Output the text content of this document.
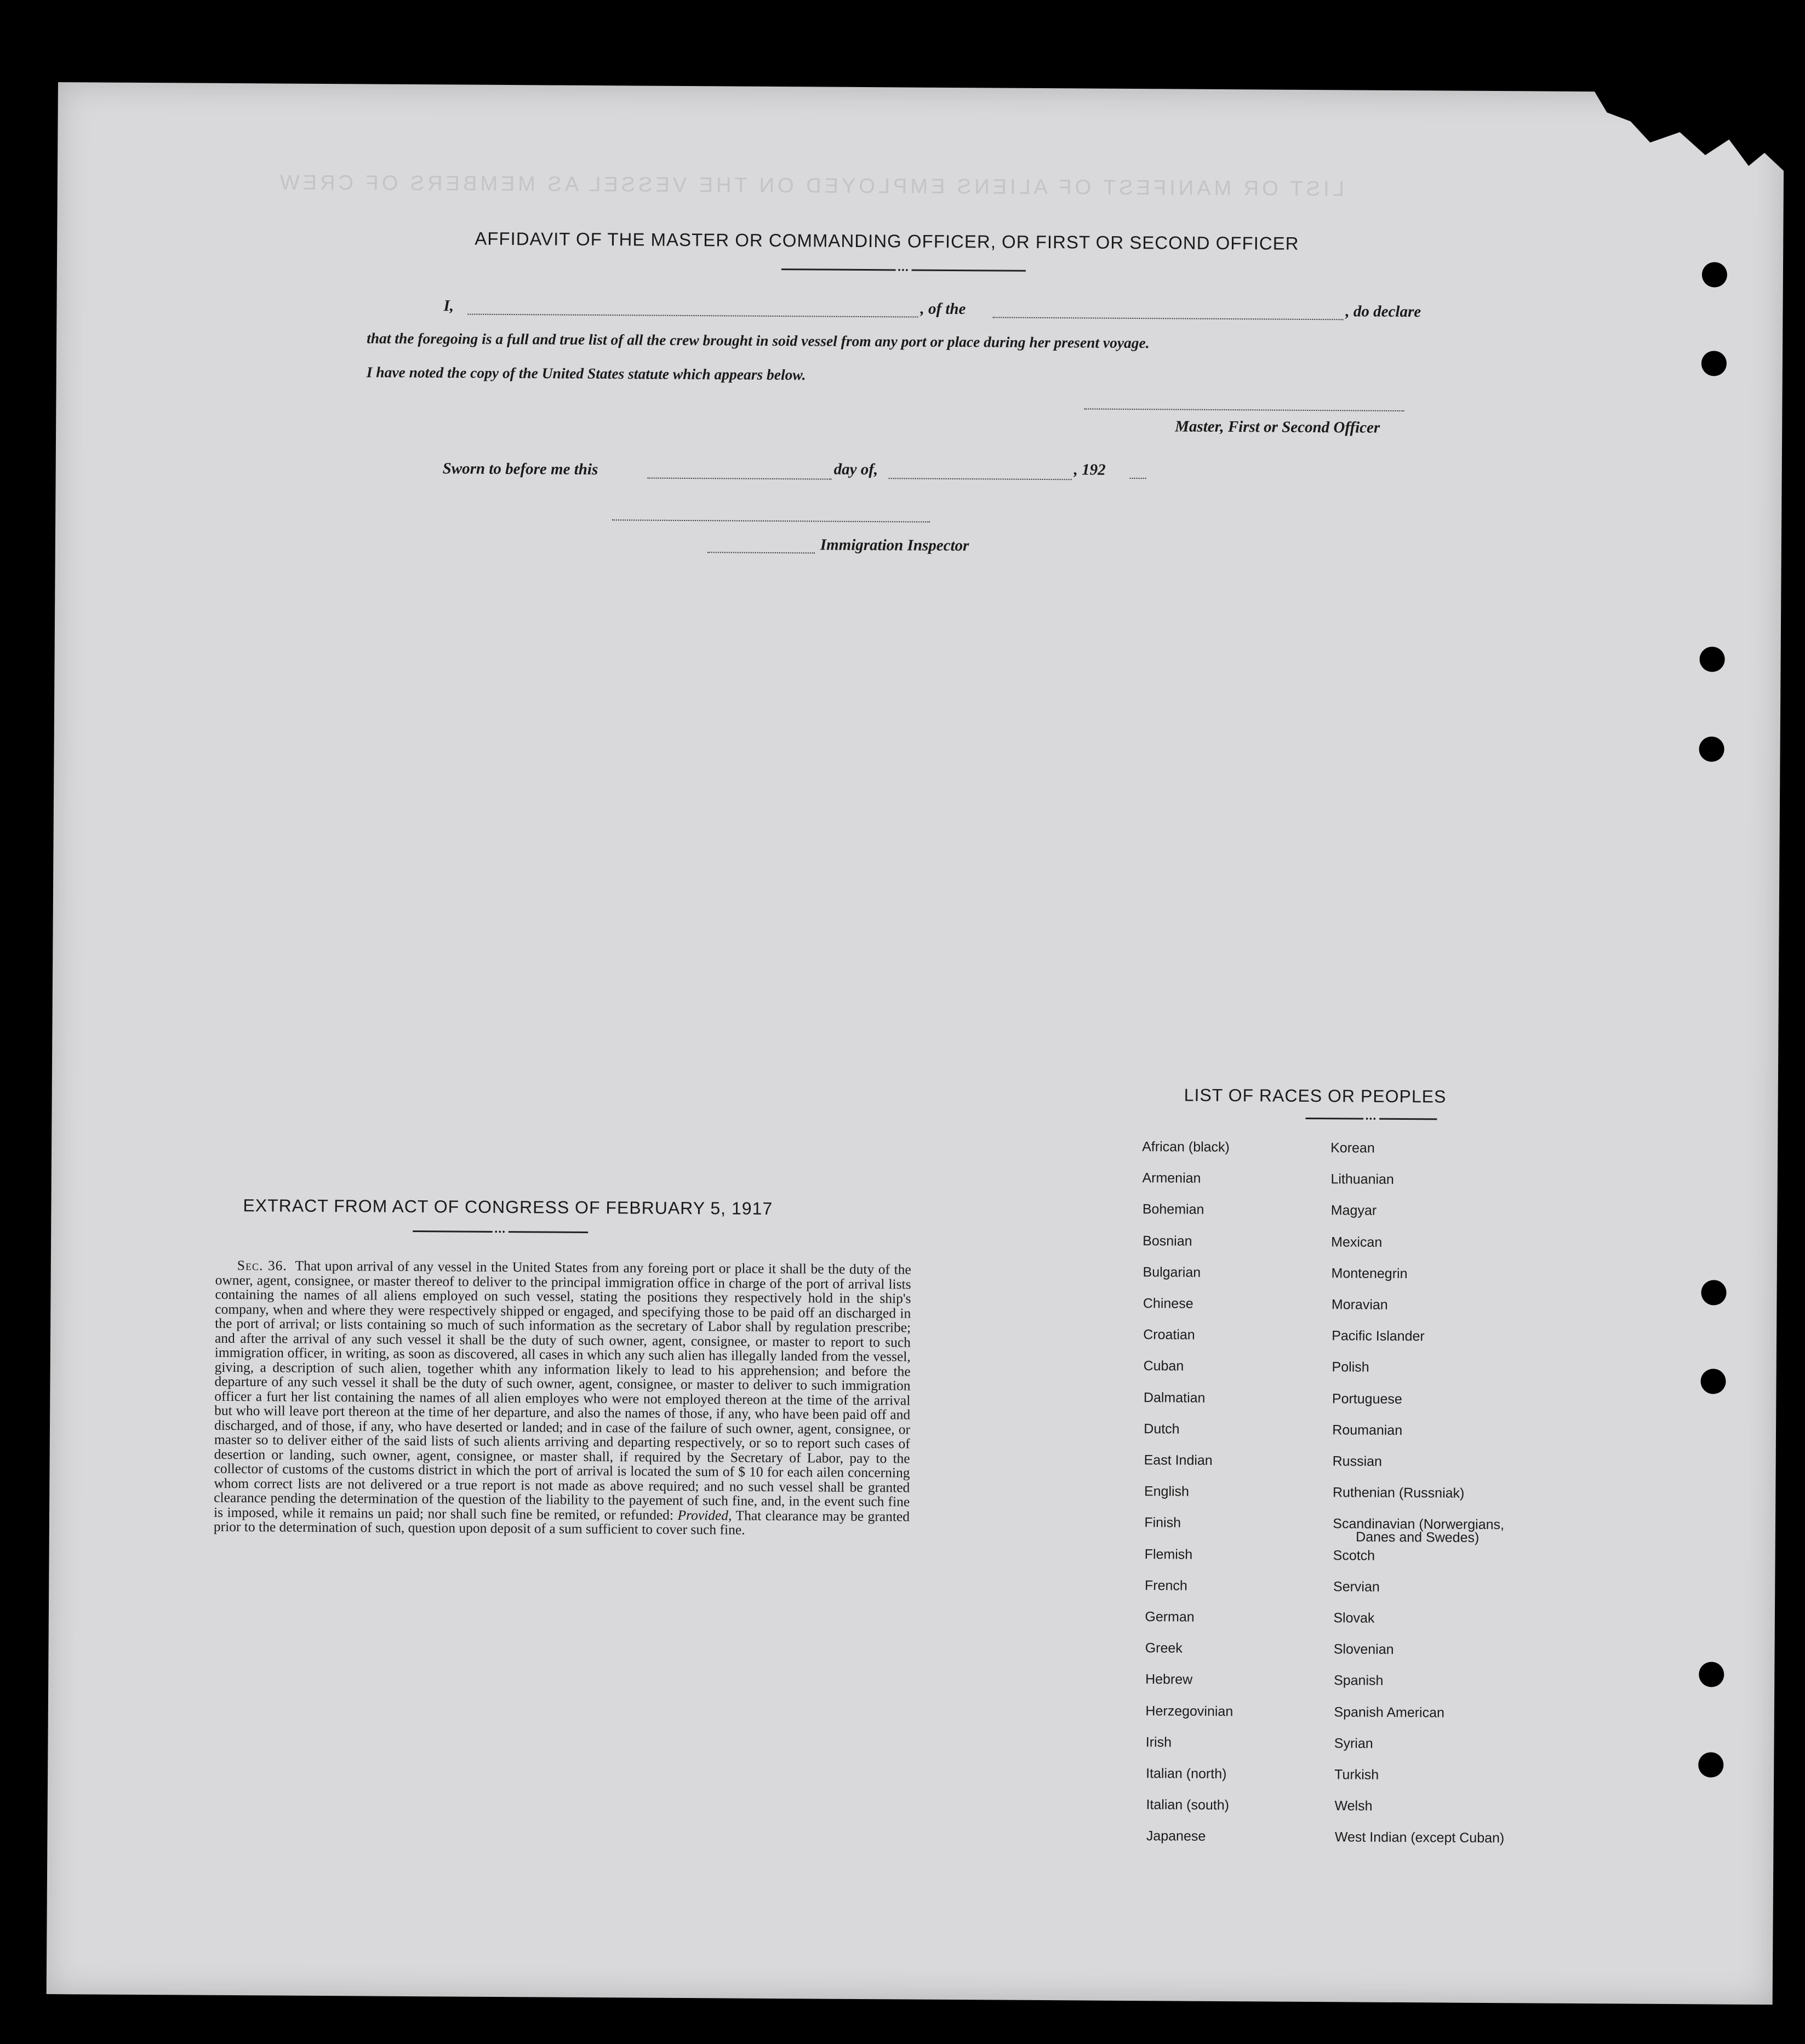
LIST OR MANIFEST OF ALIENS EMPLOYED ON THE VESSEL AS MEMBERS OF CREW
AFFIDAVIT OF THE MASTER OR COMMANDING OFFICER, OR FIRST OR SECOND OFFICER
•••
I,	, of the	, do declare
that the foregoing is a full and true list of all the crew brought in soid vessel from any port or place during her present voyage.
I have noted the copy of the United States statute which appears below.
Master, First or Second Officer
Sworn to before me this	day of,	, 192
Immigration Inspector
EXTRACT FROM ACT OF CONGRESS OF FEBRUARY 5, 1917
•••
Sec. 36. That upon arrival of any vessel in the United States from any foreing port or place it shall be the duty of the owner, agent, consignee, or master thereof to deliver to the principal immigration office in charge of the port of arrival lists containing the names of all aliens employed on such vessel, stating the positions they respectively hold in the ship's company, when and where they were respectively shipped or engaged, and specifying those to be paid off an discharged in the port of arrival; or lists containing so much of such information as the secretary of Labor shall by regulation prescribe; and after the arrival of any such vessel it shall be the duty of such owner, agent, consignee, or master to report to such immigration officer, in writing, as soon as discovered, all cases in which any such alien has illegally landed from the vessel, giving, a description of such alien, together whith any information likely to lead to his apprehension; and before the departure of any such vessel it shall be the duty of such owner, agent, consignee, or master to deliver to such immigration officer a furt her list containing the names of all alien employes who were not employed thereon at the time of the arrival but who will leave port thereon at the time of her departure, and also the names of those, if any, who have been paid off and discharged, and of those, if any, who have deserted or landed; and in case of the failure of such owner, agent, consignee, or master so to deliver either of the said lists of such alients arriving and departing respectively, or so to report such cases of desertion or landing, such owner, agent, consignee, or master shall, if required by the Secretary of Labor, pay to the collector of customs of the customs district in which the port of arrival is located the sum of $ 10 for each ailen concerning whom correct lists are not delivered or a true report is not made as above required; and no such vessel shall be granted clearance pending the determination of the question of the liability to the payement of such fine, and, in the event such fine is imposed, while it remains un paid; nor shall such fine be remited, or refunded: Provided, That clearance may be granted prior to the determination of such, question upon deposit of a sum sufficient to cover such fine.
LIST OF RACES OR PEOPLES
•••
African (black)
Armenian
Bohemian
Bosnian
Bulgarian
Chinese
Croatian
Cuban
Dalmatian
Dutch
East Indian
English
Finish
Flemish
French
German
Greek
Hebrew
Herzegovinian
Irish
Italian (north)
Italian (south)
Japanese
Korean
Lithuanian
Magyar
Mexican
Montenegrin
Moravian
Pacific Islander
Polish
Portuguese
Roumanian
Russian
Ruthenian (Russniak)
Scandinavian (Norwergians,
Danes and Swedes)
Scotch
Servian
Slovak
Slovenian
Spanish
Spanish American
Syrian
Turkish
Welsh
West Indian (except Cuban)
